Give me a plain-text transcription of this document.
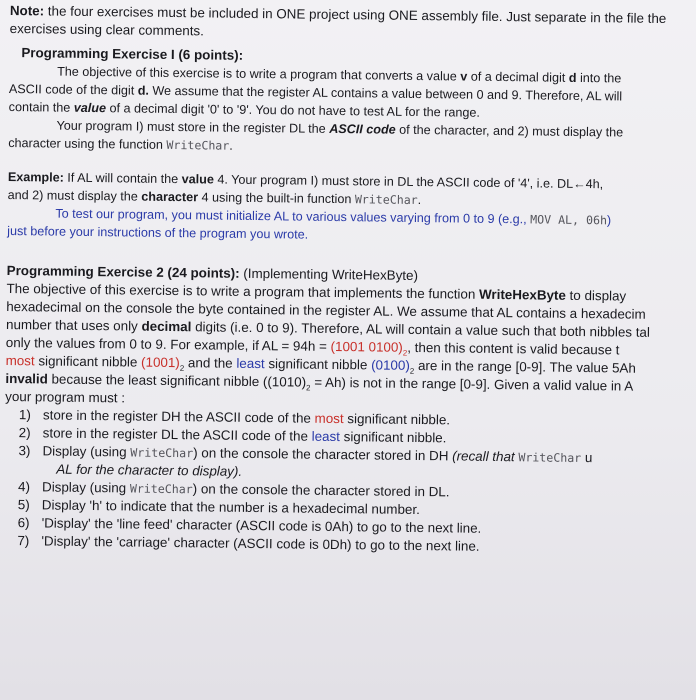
Note: the four exercises must be included in ONE project using ONE assembly file. Just separate in the file the
exercises using clear comments.
Programming Exercise I (6 points):
The objective of this exercise is to write a program that converts a value v of a decimal digit d into the
ASCII code of the digit d. We assume that the register AL contains a value between 0 and 9. Therefore, AL will
contain the value of a decimal digit '0' to '9'. You do not have to test AL for the range.
Your program I) must store in the register DL the ASCII code of the character, and 2) must display the
character using the function WriteChar.
Example: If AL will contain the value 4. Your program I) must store in DL the ASCII code of '4', i.e. DL←4h,
and 2) must display the character 4 using the built-in function WriteChar.
To test our program, you must initialize AL to various values varying from 0 to 9 (e.g., MOV AL, 06h)
just before your instructions of the program you wrote.
Programming Exercise 2 (24 points): (Implementing WriteHexByte)
The objective of this exercise is to write a program that implements the function WriteHexByte to display
hexadecimal on the console the byte contained in the register AL. We assume that AL contains a hexadecim
number that uses only decimal digits (i.e. 0 to 9). Therefore, AL will contain a value such that both nibbles tal
only the values from 0 to 9. For example, if AL = 94h = (1001 $0100)_2$, then this content is valid because t
most significant nibble $(1001)_2$ and the least significant nibble $(0100)_2$ are in the range [0-9]. The value 5Ah
invalid because the least significant nibble $((1010)_2 = Ah)$ is not in the range [0-9]. Given a valid value in A
your program must :
1) store in the register DH the ASCII code of the most significant nibble.
2) store in the register DL the ASCII code of the least significant nibble.
3) Display (using WriteChar) on the console the character stored in DH (recall that WriteChar u
AL for the character to display).
4) Display (using WriteChar) on the console the character stored in DL.
5) Display 'h' to indicate that the number is a hexadecimal number.
6) 'Display' the 'line feed' character (ASCII code is 0Ah) to go to the next line.
7) 'Display' the 'carriage' character (ASCII code is 0Dh) to go to the next line.
